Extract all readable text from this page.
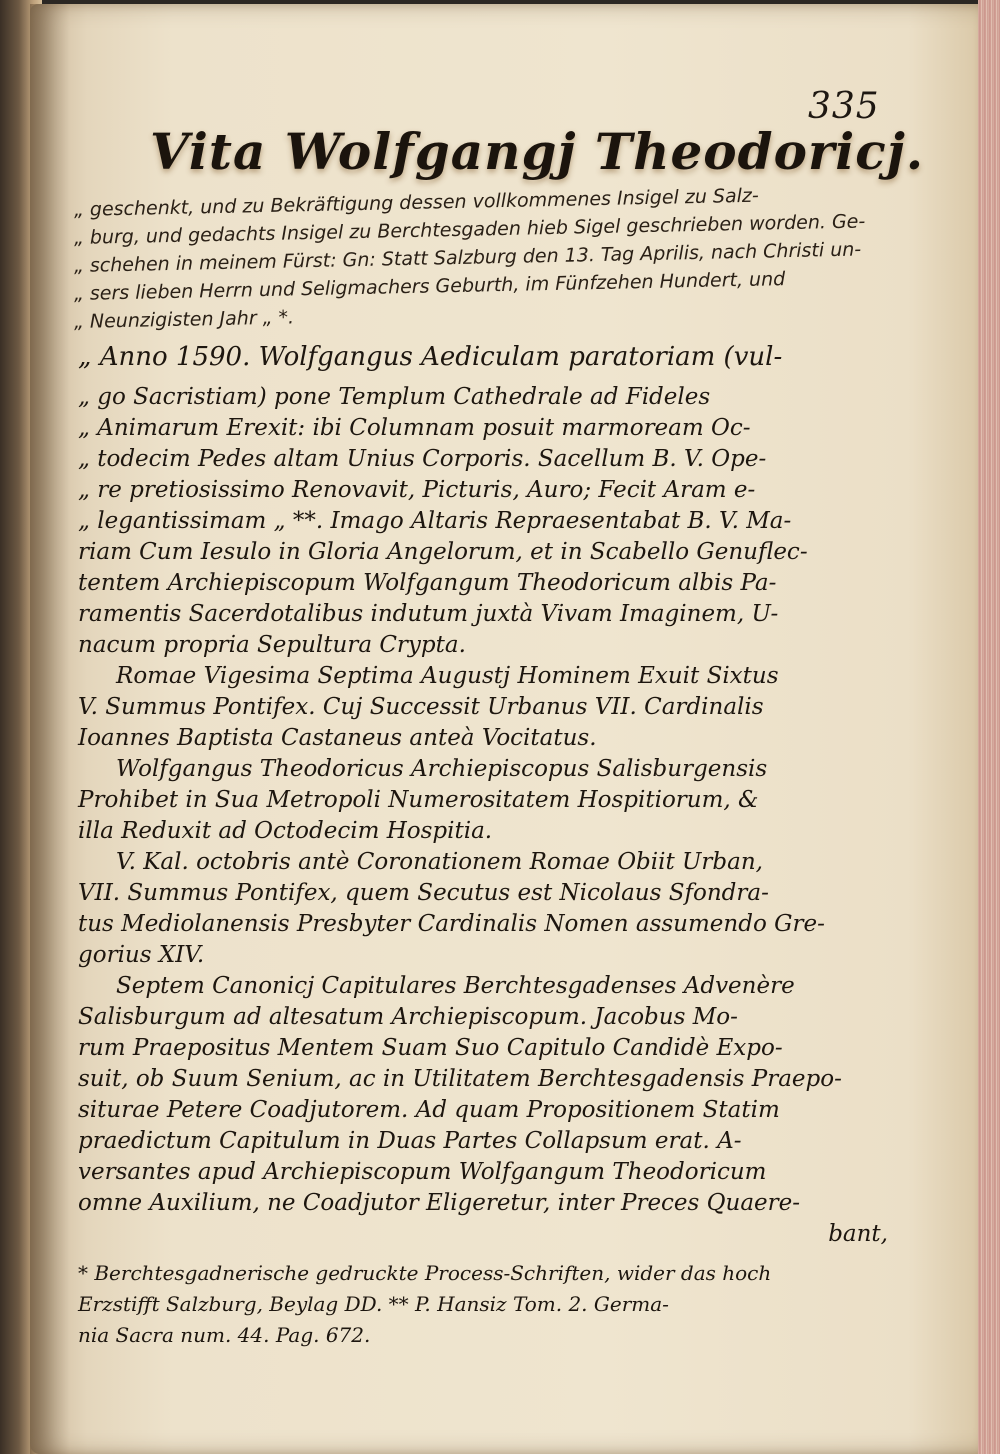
335
Vita Wolfgangj Theodoricj.
„ geschenkt, und zu Bekräftigung dessen vollkommenes Insigel zu Salz-
„ burg, und gedachts Insigel zu Berchtesgaden hieb Sigel geschrieben worden. Ge-
„ schehen in meinem Fürst: Gn: Statt Salzburg den 13. Tag Aprilis, nach Christi un-
„ sers lieben Herrn und Seligmachers Geburth, im Fünfzehen Hundert, und
„ Neunzigisten Jahr „ *.
„ Anno 1590. Wolfgangus Aediculam paratoriam (vul-
„ go Sacristiam) pone Templum Cathedrale ad Fideles
„ Animarum Erexit: ibi Columnam posuit marmoream Oc-
„ todecim Pedes altam Unius Corporis. Sacellum B. V. Ope-
„ re pretiosissimo Renovavit, Picturis, Auro; Fecit Aram e-
„ legantissimam „ **. Imago Altaris Repraesentabat B. V. Ma-
riam Cum Iesulo in Gloria Angelorum, et in Scabello Genuflec-
tentem Archiepiscopum Wolfgangum Theodoricum albis Pa-
ramentis Sacerdotalibus indutum juxtà Vivam Imaginem, U-
nacum propria Sepultura Crypta.
Romae Vigesima Septima Augustj Hominem Exuit Sixtus
V. Summus Pontifex. Cuj Successit Urbanus VII. Cardinalis
Ioannes Baptista Castaneus anteà Vocitatus.
Wolfgangus Theodoricus Archiepiscopus Salisburgensis
Prohibet in Sua Metropoli Numerositatem Hospitiorum, &
illa Reduxit ad Octodecim Hospitia.
V. Kal. octobris antè Coronationem Romae Obiit Urban,
VII. Summus Pontifex, quem Secutus est Nicolaus Sfondra-
tus Mediolanensis Presbyter Cardinalis Nomen assumendo Gre-
gorius XIV.
Septem Canonicj Capitulares Berchtesgadenses Advenère
Salisburgum ad altesatum Archiepiscopum. Jacobus Mo-
rum Praepositus Mentem Suam Suo Capitulo Candidè Expo-
suit, ob Suum Senium, ac in Utilitatem Berchtesgadensis Praepo-
siturae Petere Coadjutorem. Ad quam Propositionem Statim
praedictum Capitulum in Duas Partes Collapsum erat. A-
versantes apud Archiepiscopum Wolfgangum Theodoricum
omne Auxilium, ne Coadjutor Eligeretur, inter Preces Quaere-
bant,
* Berchtesgadnerische gedruckte Process-Schriften, wider das hoch
Erzstifft Salzburg, Beylag DD. ** P. Hansiz Tom. 2. Germa-
nia Sacra num. 44. Pag. 672.
